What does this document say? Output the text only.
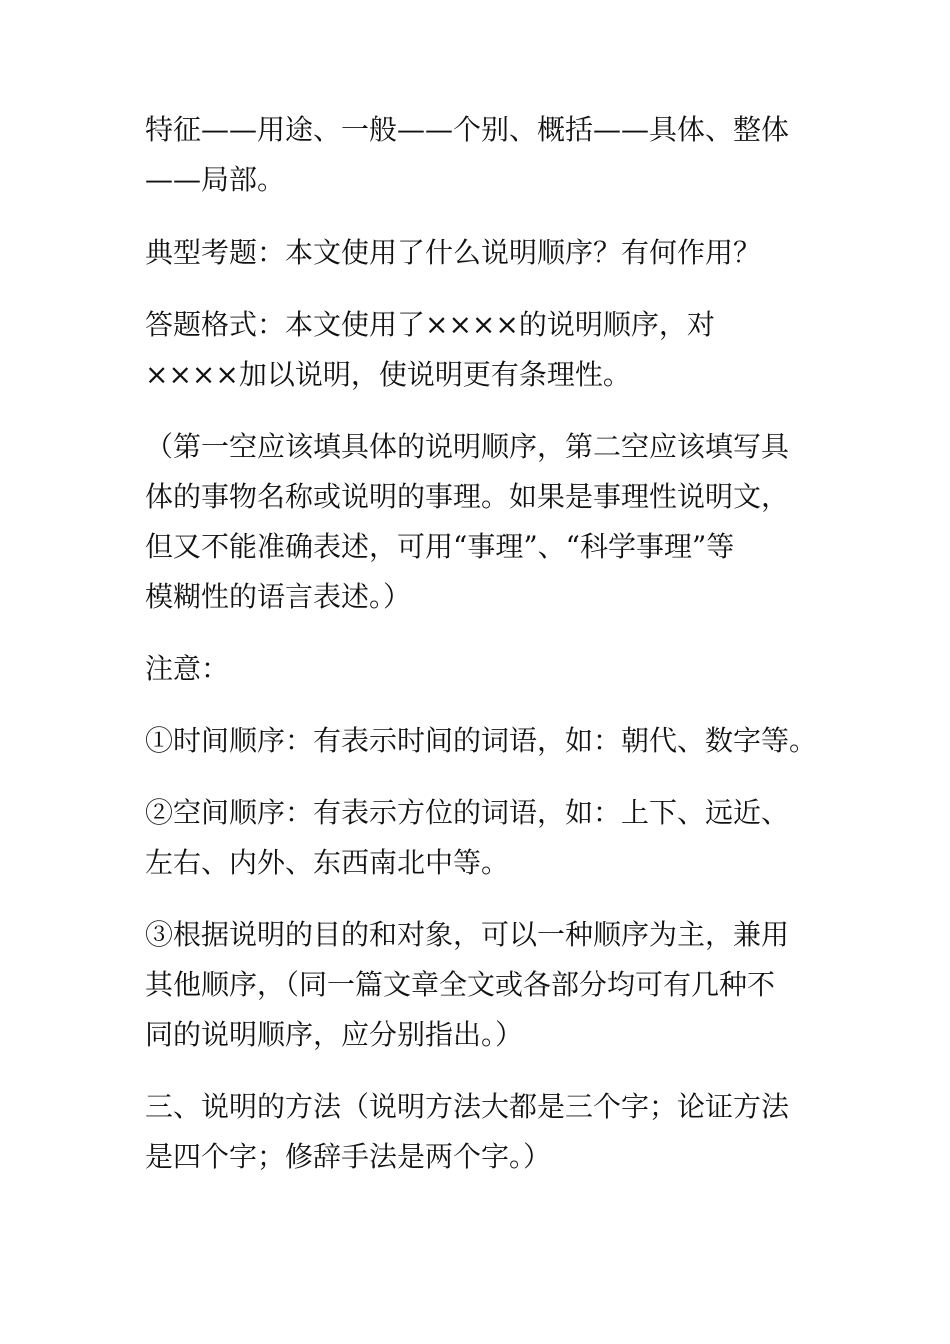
特征——用途、一般——个别、概括——具体、整体
——局部。

典型考题：本文使用了什么说明顺序？有何作用？

答题格式：本文使用了××××的说明顺序，对
××××加以说明，使说明更有条理性。

（第一空应该填具体的说明顺序，第二空应该填写具
体的事物名称或说明的事理。如果是事理性说明文，
但又不能准确表述，可用“事理”、“科学事理”等
模糊性的语言表述。）

注意：

①时间顺序：有表示时间的词语，如：朝代、数字等。

②空间顺序：有表示方位的词语，如：上下、远近、
左右、内外、东西南北中等。

③根据说明的目的和对象，可以一种顺序为主，兼用
其他顺序，（同一篇文章全文或各部分均可有几种不
同的说明顺序，应分别指出。）

三、说明的方法（说明方法大都是三个字；论证方法
是四个字；修辞手法是两个字。）
